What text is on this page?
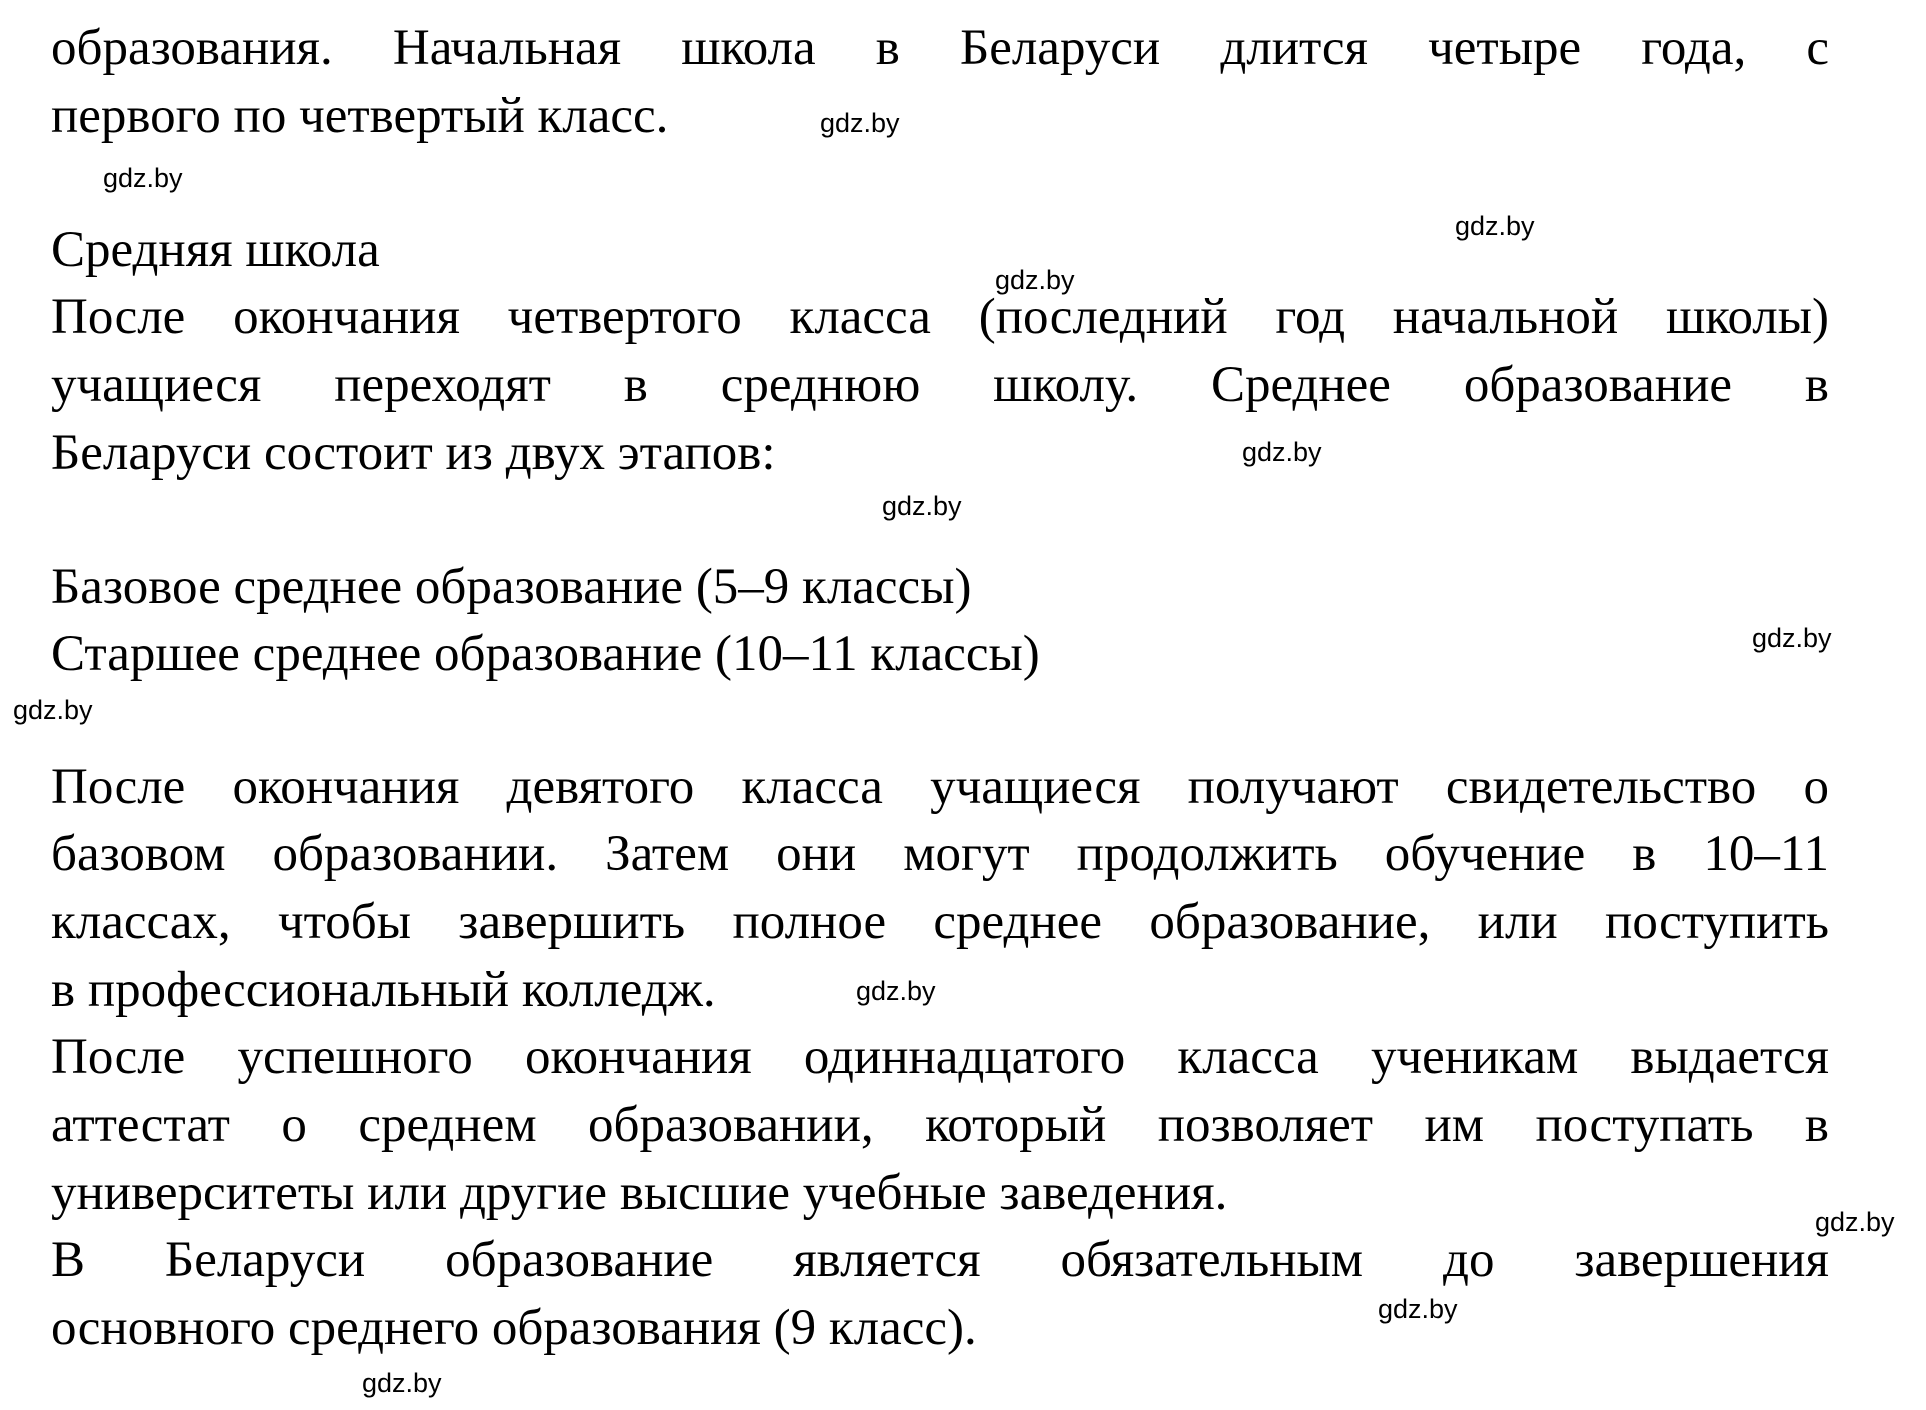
образования. Начальная школа в Беларуси длится четыре года, с
первого по четвертый класс.
Средняя школа
После окончания четвертого класса (последний год начальной школы)
учащиеся переходят в среднюю школу. Среднее образование в
Беларуси состоит из двух этапов:
Базовое среднее образование (5–9 классы)
Старшее среднее образование (10–11 классы)
После окончания девятого класса учащиеся получают свидетельство о
базовом образовании. Затем они могут продолжить обучение в 10–11
классах, чтобы завершить полное среднее образование, или поступить
в профессиональный колледж.
После успешного окончания одиннадцатого класса ученикам выдается
аттестат о среднем образовании, который позволяет им поступать в
университеты или другие высшие учебные заведения.
В Беларуси образование является обязательным до завершения
основного среднего образования (9 класс).
gdz.by
gdz.by
gdz.by
gdz.by
gdz.by
gdz.by
gdz.by
gdz.by
gdz.by
gdz.by
gdz.by
gdz.by
